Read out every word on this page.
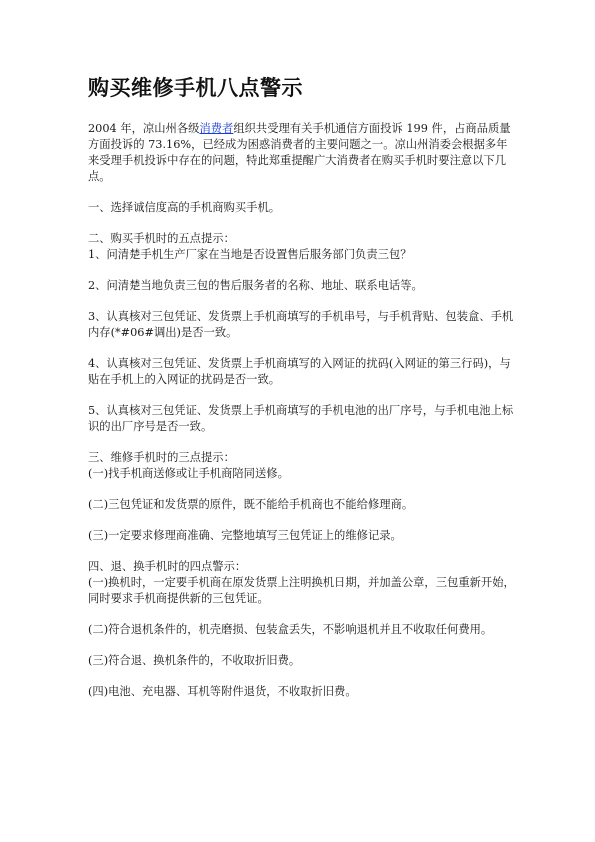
购买维修手机八点警示

2004 年，凉山州各级消费者组织共受理有关手机通信方面投诉 199 件，占商品质量方面投诉的 73.16%，已经成为困惑消费者的主要问题之一。凉山州消委会根据多年来受理手机投诉中存在的问题，特此郑重提醒广大消费者在购买手机时要注意以下几点。

一、选择诚信度高的手机商购买手机。

二、购买手机时的五点提示：

1、问清楚手机生产厂家在当地是否设置售后服务部门负责三包？

2、问清楚当地负责三包的售后服务者的名称、地址、联系电话等。

3、认真核对三包凭证、发货票上手机商填写的手机串号，与手机背贴、包装盒、手机内存(*#06#调出)是否一致。

4、认真核对三包凭证、发货票上手机商填写的入网证的扰码(入网证的第三行码)，与贴在手机上的入网证的扰码是否一致。

5、认真核对三包凭证、发货票上手机商填写的手机电池的出厂序号，与手机电池上标识的出厂序号是否一致。

三、维修手机时的三点提示：

(一)找手机商送修或让手机商陪同送修。

(二)三包凭证和发货票的原件，既不能给手机商也不能给修理商。

(三)一定要求修理商准确、完整地填写三包凭证上的维修记录。

四、退、换手机时的四点警示：

(一)换机时，一定要手机商在原发货票上注明换机日期，并加盖公章，三包重新开始，同时要求手机商提供新的三包凭证。

(二)符合退机条件的，机壳磨损、包装盒丢失，不影响退机并且不收取任何费用。

(三)符合退、换机条件的，不收取折旧费。

(四)电池、充电器、耳机等附件退货，不收取折旧费。
